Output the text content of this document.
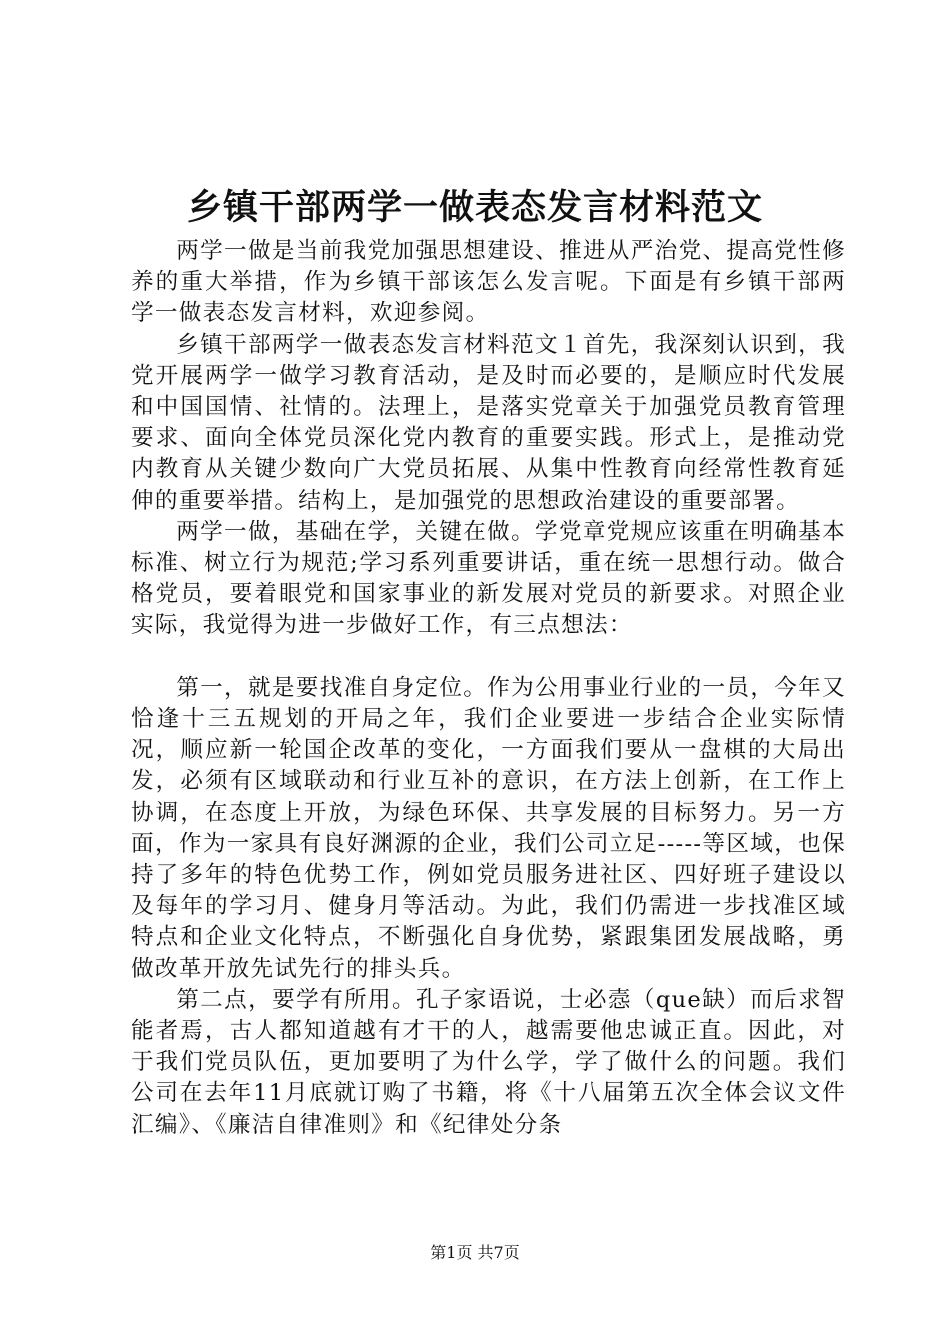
乡镇干部两学一做表态发言材料范文

两学一做是当前我党加强思想建设、推进从严治党、提高党性修养的重大举措，作为乡镇干部该怎么发言呢。下面是有乡镇干部两学一做表态发言材料，欢迎参阅。

乡镇干部两学一做表态发言材料范文１首先，我深刻认识到，我党开展两学一做学习教育活动，是及时而必要的，是顺应时代发展和中国国情、社情的。法理上，是落实党章关于加强党员教育管理要求、面向全体党员深化党内教育的重要实践。形式上，是推动党内教育从关键少数向广大党员拓展、从集中性教育向经常性教育延伸的重要举措。结构上，是加强党的思想政治建设的重要部署。

两学一做，基础在学，关键在做。学党章党规应该重在明确基本标准、树立行为规范;学习系列重要讲话，重在统一思想行动。做合格党员，要着眼党和国家事业的新发展对党员的新要求。对照企业实际，我觉得为进一步做好工作，有三点想法：

第一，就是要找准自身定位。作为公用事业行业的一员，今年又恰逢十三五规划的开局之年，我们企业要进一步结合企业实际情况，顺应新一轮国企改革的变化，一方面我们要从一盘棋的大局出发，必须有区域联动和行业互补的意识，在方法上创新，在工作上协调，在态度上开放，为绿色环保、共享发展的目标努力。另一方面，作为一家具有良好渊源的企业，我们公司立足-----等区域，也保持了多年的特色优势工作，例如党员服务进社区、四好班子建设以及每年的学习月、健身月等活动。为此，我们仍需进一步找准区域特点和企业文化特点，不断强化自身优势，紧跟集团发展战略，勇做改革开放先试先行的排头兵。

第二点，要学有所用。孔子家语说，士必悫（que缺）而后求智能者焉，古人都知道越有才干的人，越需要他忠诚正直。因此，对于我们党员队伍，更加要明了为什么学，学了做什么的问题。我们公司在去年11月底就订购了书籍，将《十八届第五次全体会议文件汇编》、《廉洁自律准则》和《纪律处分条

第1页 共7页
